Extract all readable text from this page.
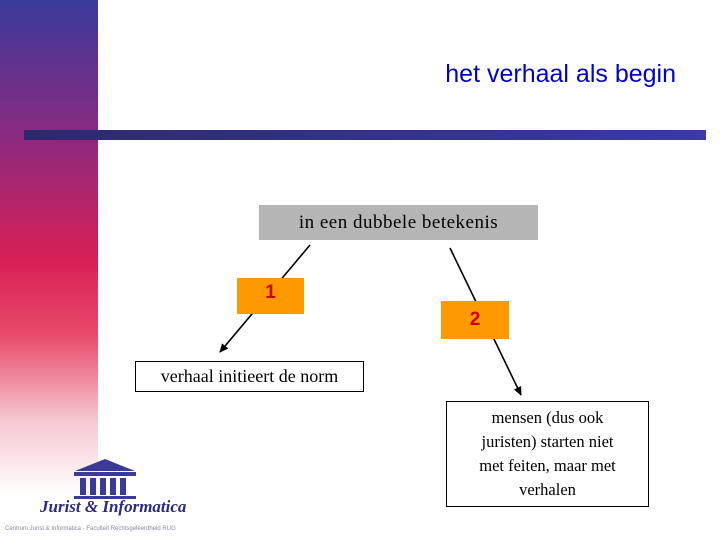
het verhaal als begin
in een dubbele betekenis
1
2
verhaal initieert de norm
mensen (dus ook
juristen) starten niet
met feiten, maar met
verhalen
Jurist & Informatica
Centrum Jurist & Informatica · Faculteit Rechtsgeleerdheid RUG
